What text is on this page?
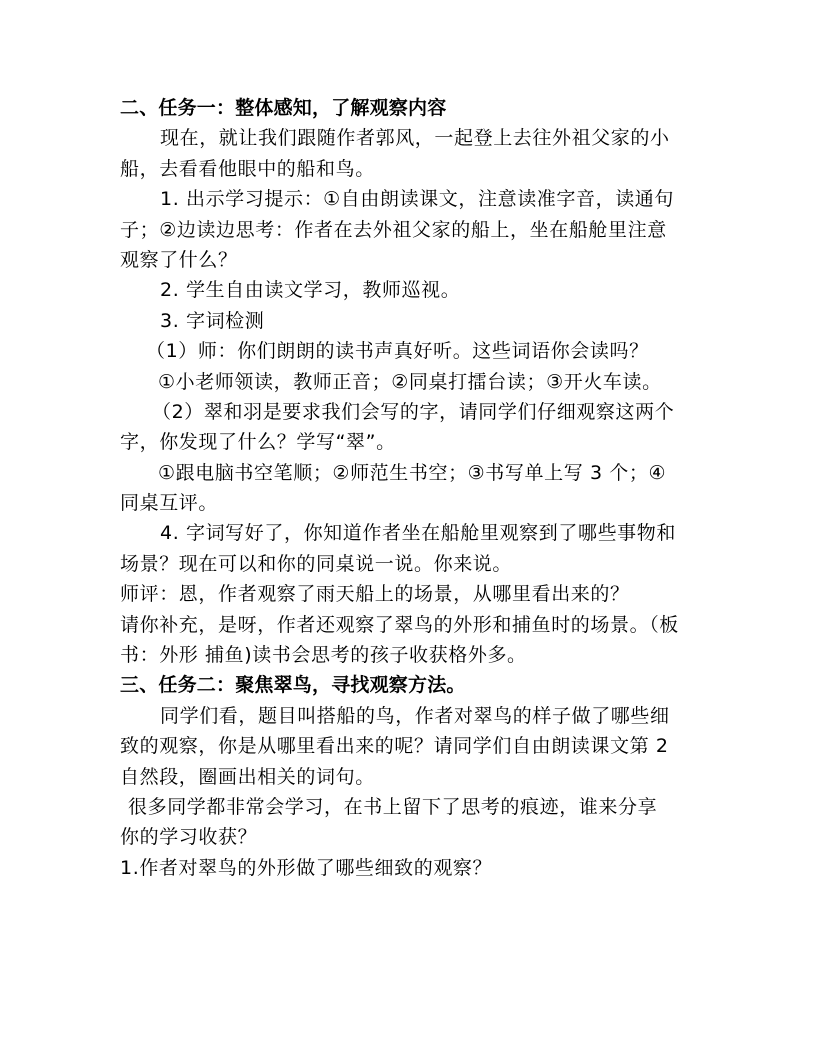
二、任务一：整体感知，了解观察内容
现在，就让我们跟随作者郭风，一起登上去往外祖父家的小
船，去看看他眼中的船和鸟。
1. 出示学习提示：①自由朗读课文，注意读准字音，读通句
子；②边读边思考：作者在去外祖父家的船上，坐在船舱里注意
观察了什么？
2. 学生自由读文学习，教师巡视。
3. 字词检测
（1）师：你们朗朗的读书声真好听。这些词语你会读吗？
①小老师领读，教师正音；②同桌打擂台读；③开火车读。
（2）翠和羽是要求我们会写的字，请同学们仔细观察这两个
字，你发现了什么？学写“翠”。
①跟电脑书空笔顺；②师范生书空；③书写单上写 3 个；④
同桌互评。
4. 字词写好了，你知道作者坐在船舱里观察到了哪些事物和
场景？现在可以和你的同桌说一说。你来说。
师评：恩，作者观察了雨天船上的场景，从哪里看出来的？
请你补充，是呀，作者还观察了翠鸟的外形和捕鱼时的场景。（板
书：外形 捕鱼)读书会思考的孩子收获格外多。
三、任务二：聚焦翠鸟，寻找观察方法。
同学们看，题目叫搭船的鸟，作者对翠鸟的样子做了哪些细
致的观察，你是从哪里看出来的呢？请同学们自由朗读课文第 2
自然段，圈画出相关的词句。
很多同学都非常会学习，在书上留下了思考的痕迹，谁来分享
你的学习收获？
1.作者对翠鸟的外形做了哪些细致的观察？
